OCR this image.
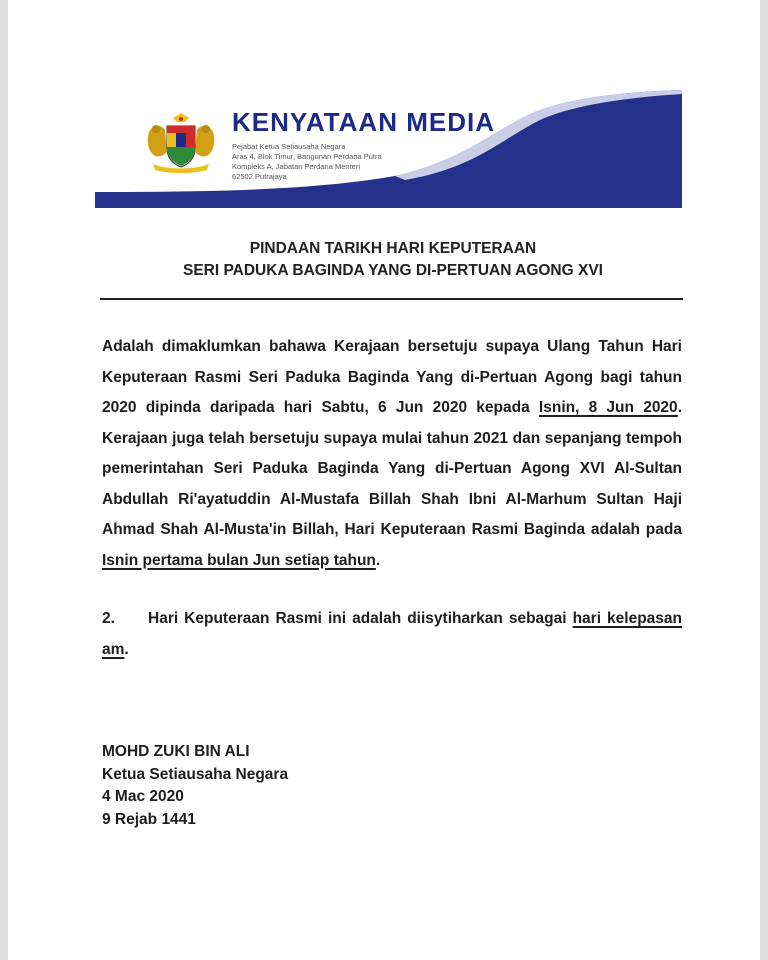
KENYATAAN MEDIA
Pejabat Ketua Setiausaha Negara
Aras 4, Blok Timur, Bangunan Perdana Putra
Kompleks A, Jabatan Perdana Menteri
62502 Putrajaya
PINDAAN TARIKH HARI KEPUTERAAN
SERI PADUKA BAGINDA YANG DI-PERTUAN AGONG XVI

Adalah dimaklumkan bahawa Kerajaan bersetuju supaya Ulang Tahun Hari Keputeraan Rasmi Seri Paduka Baginda Yang di-Pertuan Agong bagi tahun 2020 dipinda daripada hari Sabtu, 6 Jun 2020 kepada Isnin, 8 Jun 2020. Kerajaan juga telah bersetuju supaya mulai tahun 2021 dan sepanjang tempoh pemerintahan Seri Paduka Baginda Yang di-Pertuan Agong XVI Al-Sultan Abdullah Ri'ayatuddin Al-Mustafa Billah Shah Ibni Al-Marhum Sultan Haji Ahmad Shah Al-Musta'in Billah, Hari Keputeraan Rasmi Baginda adalah pada Isnin pertama bulan Jun setiap tahun.

2. Hari Keputeraan Rasmi ini adalah diisytiharkan sebagai hari kelepasan am.

MOHD ZUKI BIN ALI
Ketua Setiausaha Negara
4 Mac 2020
9 Rejab 1441
